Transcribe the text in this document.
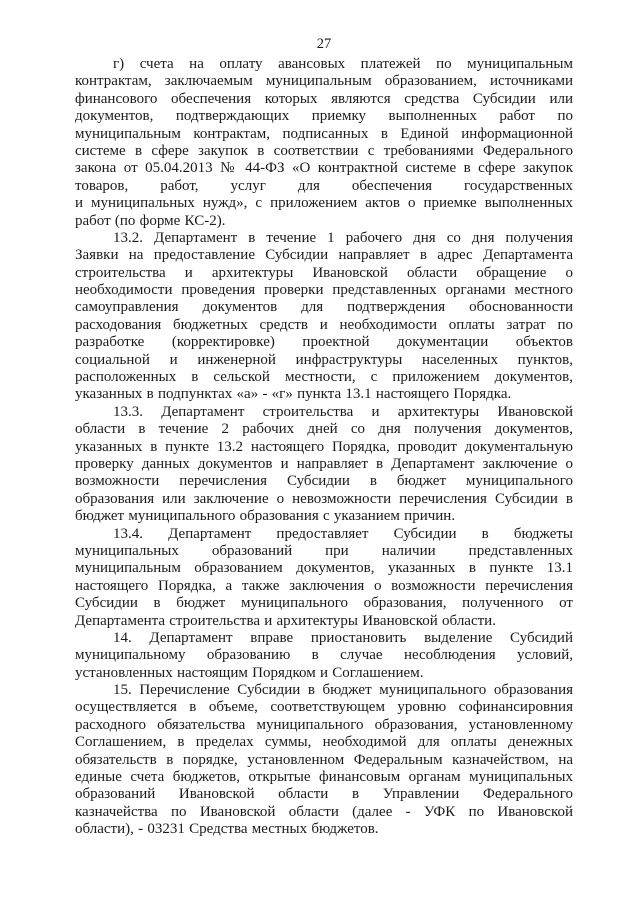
27
г) счета на оплату авансовых платежей по муниципальным
контрактам, заключаемым муниципальным образованием, источниками
финансового обеспечения которых являются средства Субсидии или
документов, подтверждающих приемку выполненных работ по
муниципальным контрактам, подписанных в Единой информационной
системе в сфере закупок в соответствии с требованиями Федерального
закона от 05.04.2013 № 44-ФЗ «О контрактной системе в сфере закупок
товаров, работ, услуг для обеспечения государственных
и муниципальных нужд», с приложением актов о приемке выполненных
работ (по форме КС-2).
13.2. Департамент в течение 1 рабочего дня со дня получения
Заявки на предоставление Субсидии направляет в адрес Департамента
строительства и архитектуры Ивановской области обращение о
необходимости проведения проверки представленных органами местного
самоуправления документов для подтверждения обоснованности
расходования бюджетных средств и необходимости оплаты затрат по
разработке (корректировке) проектной документации объектов
социальной и инженерной инфраструктуры населенных пунктов,
расположенных в сельской местности, с приложением документов,
указанных в подпунктах «а» - «г» пункта 13.1 настоящего Порядка.
13.3. Департамент строительства и архитектуры Ивановской
области в течение 2 рабочих дней со дня получения документов,
указанных в пункте 13.2 настоящего Порядка, проводит документальную
проверку данных документов и направляет в Департамент заключение о
возможности перечисления Субсидии в бюджет муниципального
образования или заключение о невозможности перечисления Субсидии в
бюджет муниципального образования с указанием причин.
13.4. Департамент предоставляет Субсидии в бюджеты
муниципальных образований при наличии представленных
муниципальным образованием документов, указанных в пункте 13.1
настоящего Порядка, а также заключения о возможности перечисления
Субсидии в бюджет муниципального образования, полученного от
Департамента строительства и архитектуры Ивановской области.
14. Департамент вправе приостановить выделение Субсидий
муниципальному образованию в случае несоблюдения условий,
установленных настоящим Порядком и Соглашением.
15. Перечисление Субсидии в бюджет муниципального образования
осуществляется в объеме, соответствующем уровню софинансировния
расходного обязательства муниципального образования, установленному
Соглашением, в пределах суммы, необходимой для оплаты денежных
обязательств в порядке, установленном Федеральным казначейством, на
единые счета бюджетов, открытые финансовым органам муниципальных
образований Ивановской области в Управлении Федерального
казначейства по Ивановской области (далее - УФК по Ивановской
области), - 03231 Средства местных бюджетов.
